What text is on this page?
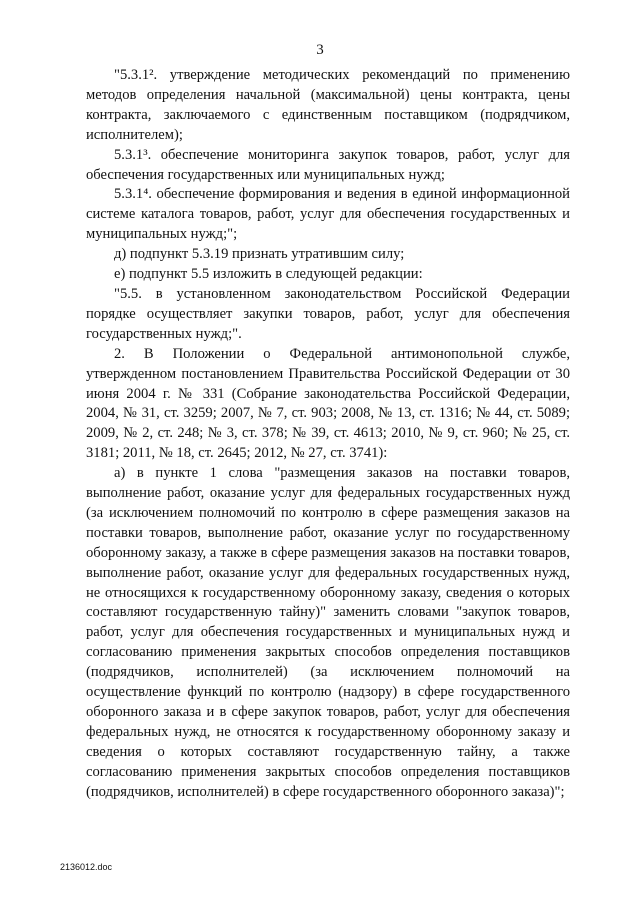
3

"5.3.1². утверждение методических рекомендаций по применению методов определения начальной (максимальной) цены контракта, цены контракта, заключаемого с единственным поставщиком (подрядчиком, исполнителем);

5.3.1³. обеспечение мониторинга закупок товаров, работ, услуг для обеспечения государственных или муниципальных нужд;

5.3.1⁴. обеспечение формирования и ведения в единой информационной системе каталога товаров, работ, услуг для обеспечения государственных и муниципальных нужд;";

д) подпункт 5.3.19 признать утратившим силу;

е) подпункт 5.5 изложить в следующей редакции:

"5.5. в установленном законодательством Российской Федерации порядке осуществляет закупки товаров, работ, услуг для обеспечения государственных нужд;".

2. В Положении о Федеральной антимонопольной службе, утвержденном постановлением Правительства Российской Федерации от 30 июня 2004 г. № 331 (Собрание законодательства Российской Федерации, 2004, № 31, ст. 3259; 2007, № 7, ст. 903; 2008, № 13, ст. 1316; № 44, ст. 5089; 2009, № 2, ст. 248; № 3, ст. 378; № 39, ст. 4613; 2010, № 9, ст. 960; № 25, ст. 3181; 2011, № 18, ст. 2645; 2012, № 27, ст. 3741):

а) в пункте 1 слова "размещения заказов на поставки товаров, выполнение работ, оказание услуг для федеральных государственных нужд (за исключением полномочий по контролю в сфере размещения заказов на поставки товаров, выполнение работ, оказание услуг по государственному оборонному заказу, а также в сфере размещения заказов на поставки товаров, выполнение работ, оказание услуг для федеральных государственных нужд, не относящихся к государственному оборонному заказу, сведения о которых составляют государственную тайну)" заменить словами "закупок товаров, работ, услуг для обеспечения государственных и муниципальных нужд и согласованию применения закрытых способов определения поставщиков (подрядчиков, исполнителей) (за исключением полномочий на осуществление функций по контролю (надзору) в сфере государственного оборонного заказа и в сфере закупок товаров, работ, услуг для обеспечения федеральных нужд, не относятся к государственному оборонному заказу и сведения о которых составляют государственную тайну, а также согласованию применения закрытых способов определения поставщиков (подрядчиков, исполнителей) в сфере государственного оборонного заказа)";

2136012.doc
